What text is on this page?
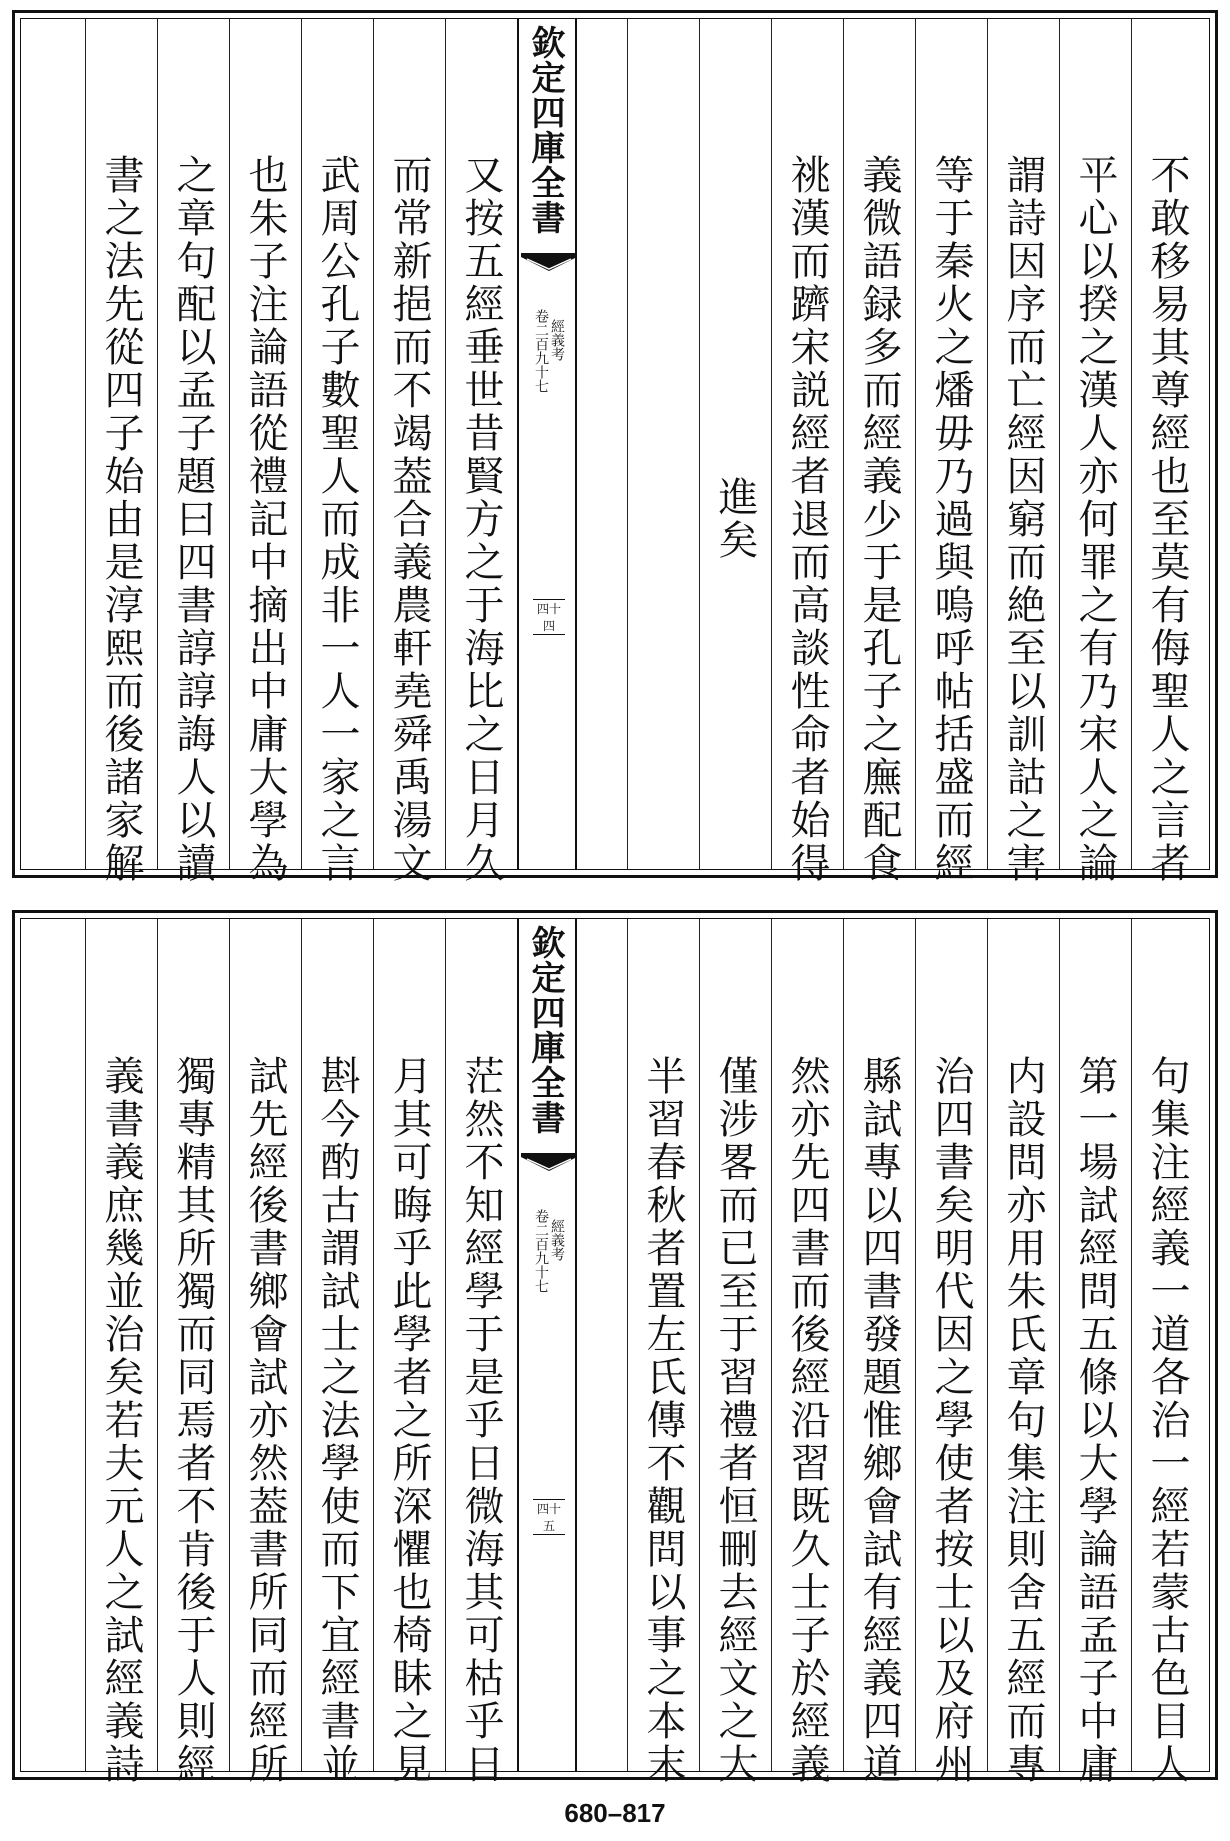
欽定四庫全書
經義考
卷二百九十七
四十四	不敢移易其尊經也至莫有侮聖人之言者
平心以揆之漢人亦何罪之有乃宋人之論
謂詩因序而亡經因窮而絶至以訓詁之害
等于秦火之燔毋乃過與嗚呼帖括盛而經
義微語録多而經義少于是孔子之廡配食
祧漢而躋宋説經者退而高談性命者始得
進矣
又按五經垂世昔賢方之于海比之日月久
而常新挹而不竭葢合義農軒堯舜禹湯文
武周公孔子數聖人而成非一人一家之言
也朱子注論語從禮記中摘出中庸大學為
之章句配以孟子題曰四書諄諄誨人以讀
書之法先從四子始由是淳熙而後諸家解
欽定四庫全書
經義考
卷二百九十七
四十五	句集注經義一道各治一經若蒙古色目人
第一場試經問五條以大學論語孟子中庸
内設問亦用朱氏章句集注則舍五經而專
治四書矣明代因之學使者按士以及府州
縣試專以四書發題惟鄉會試有經義四道
然亦先四書而後經沿習既久士子於經義
僅涉畧而已至于習禮者恒刪去經文之大
半習春秋者置左氏傳不觀問以事之本末
茫然不知經學于是乎日微海其可枯乎日
月其可晦乎此學者之所深懼也椅眛之見
斟今酌古謂試士之法學使而下宜經書並
試先經後書鄉會試亦然葢書所同而經所
獨專精其所獨而同焉者不肯後于人則經
義書義庶幾並治矣若夫元人之試經義詩
680–817
